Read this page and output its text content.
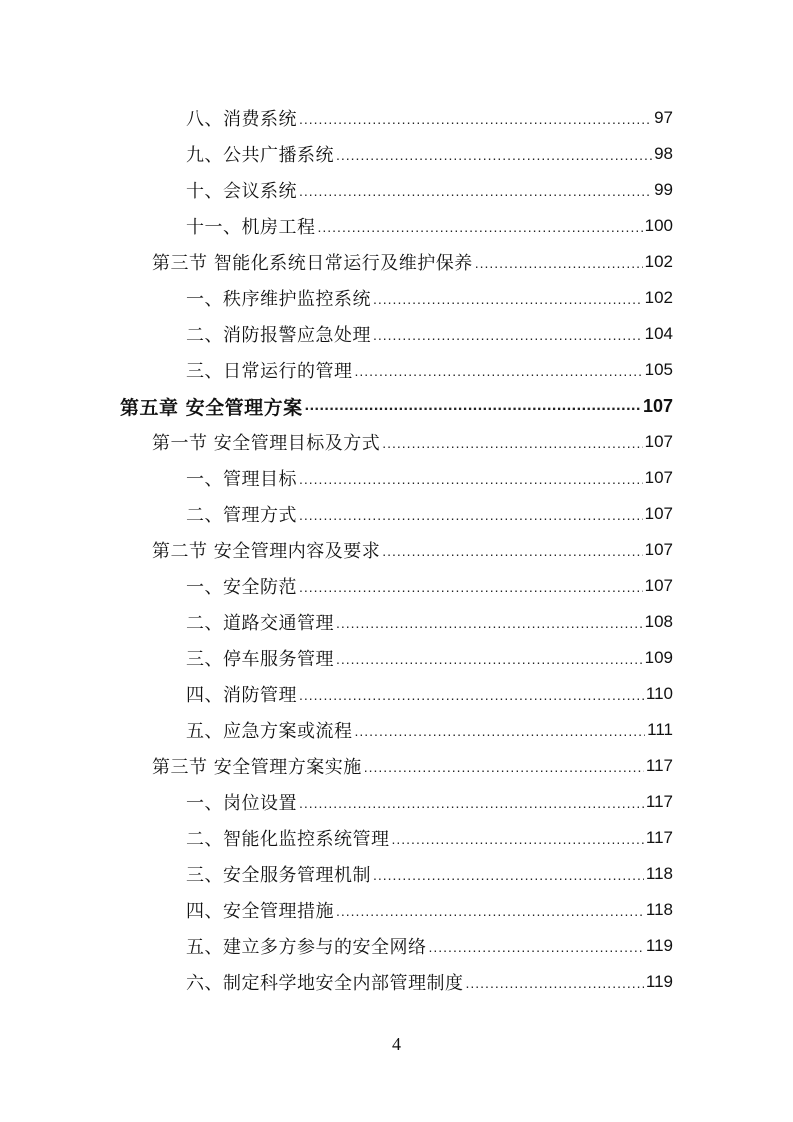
八、消费系统 .....	97
九、公共广播系统 .....	98
十、会议系统 .....	99
十一、机房工程 .....	100
第三节 智能化系统日常运行及维护保养 .....	102
一、秩序维护监控系统 .....	102
二、消防报警应急处理 .....	104
三、日常运行的管理 .....	105
第五章 安全管理方案 .....	107
第一节 安全管理目标及方式 .....	107
一、管理目标 .....	107
二、管理方式 .....	107
第二节 安全管理内容及要求 .....	107
一、安全防范 .....	107
二、道路交通管理 .....	108
三、停车服务管理 .....	109
四、消防管理 .....	110
五、应急方案或流程 .....	111
第三节 安全管理方案实施 .....	117
一、岗位设置 .....	117
二、智能化监控系统管理 .....	117
三、安全服务管理机制 .....	118
四、安全管理措施 .....	118
五、建立多方参与的安全网络 .....	119
六、制定科学地安全内部管理制度 .....	119
4
